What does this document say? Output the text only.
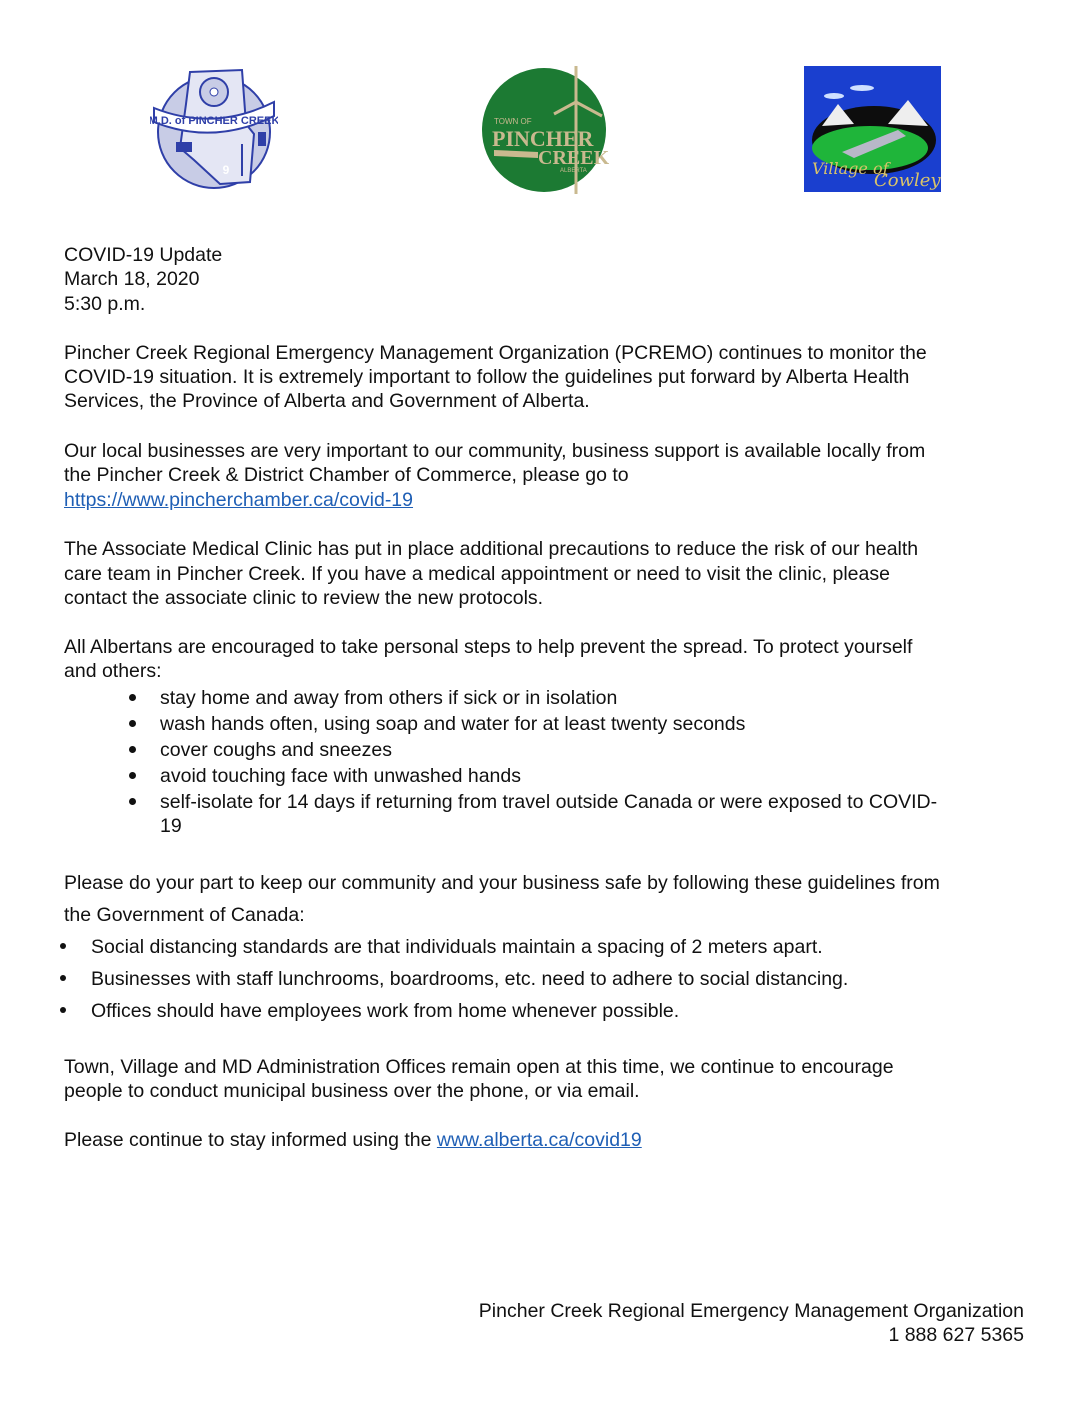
M.D. of PINCHER CREEK
9
TOWN OF
PINCHER
CREEK
ALBERTA	Village of
Cowley
COVID-19 Update
March 18, 2020
5:30 p.m.
Pincher Creek Regional Emergency Management Organization (PCREMO) continues to monitor the
COVID-19 situation. It is extremely important to follow the guidelines put forward by Alberta Health
Services, the Province of Alberta and Government of Alberta.
Our local businesses are very important to our community, business support is available locally from
the Pincher Creek & District Chamber of Commerce, please go to
https://www.pincherchamber.ca/covid-19
The Associate Medical Clinic has put in place additional precautions to reduce the risk of our health
care team in Pincher Creek. If you have a medical appointment or need to visit the clinic, please
contact the associate clinic to review the new protocols.
All Albertans are encouraged to take personal steps to help prevent the spread. To protect yourself
and others:
stay home and away from others if sick or in isolation
wash hands often, using soap and water for at least twenty seconds
cover coughs and sneezes
avoid touching face with unwashed hands
self-isolate for 14 days if returning from travel outside Canada or were exposed to COVID-
19
Please do your part to keep our community and your business safe by following these guidelines from
the Government of Canada:
Social distancing standards are that individuals maintain a spacing of 2 meters apart.
Businesses with staff lunchrooms, boardrooms, etc. need to adhere to social distancing.
Offices should have employees work from home whenever possible.
Town, Village and MD Administration Offices remain open at this time, we continue to encourage
people to conduct municipal business over the phone, or via email.
Please continue to stay informed using the www.alberta.ca/covid19
Pincher Creek Regional Emergency Management Organization
1 888 627 5365
